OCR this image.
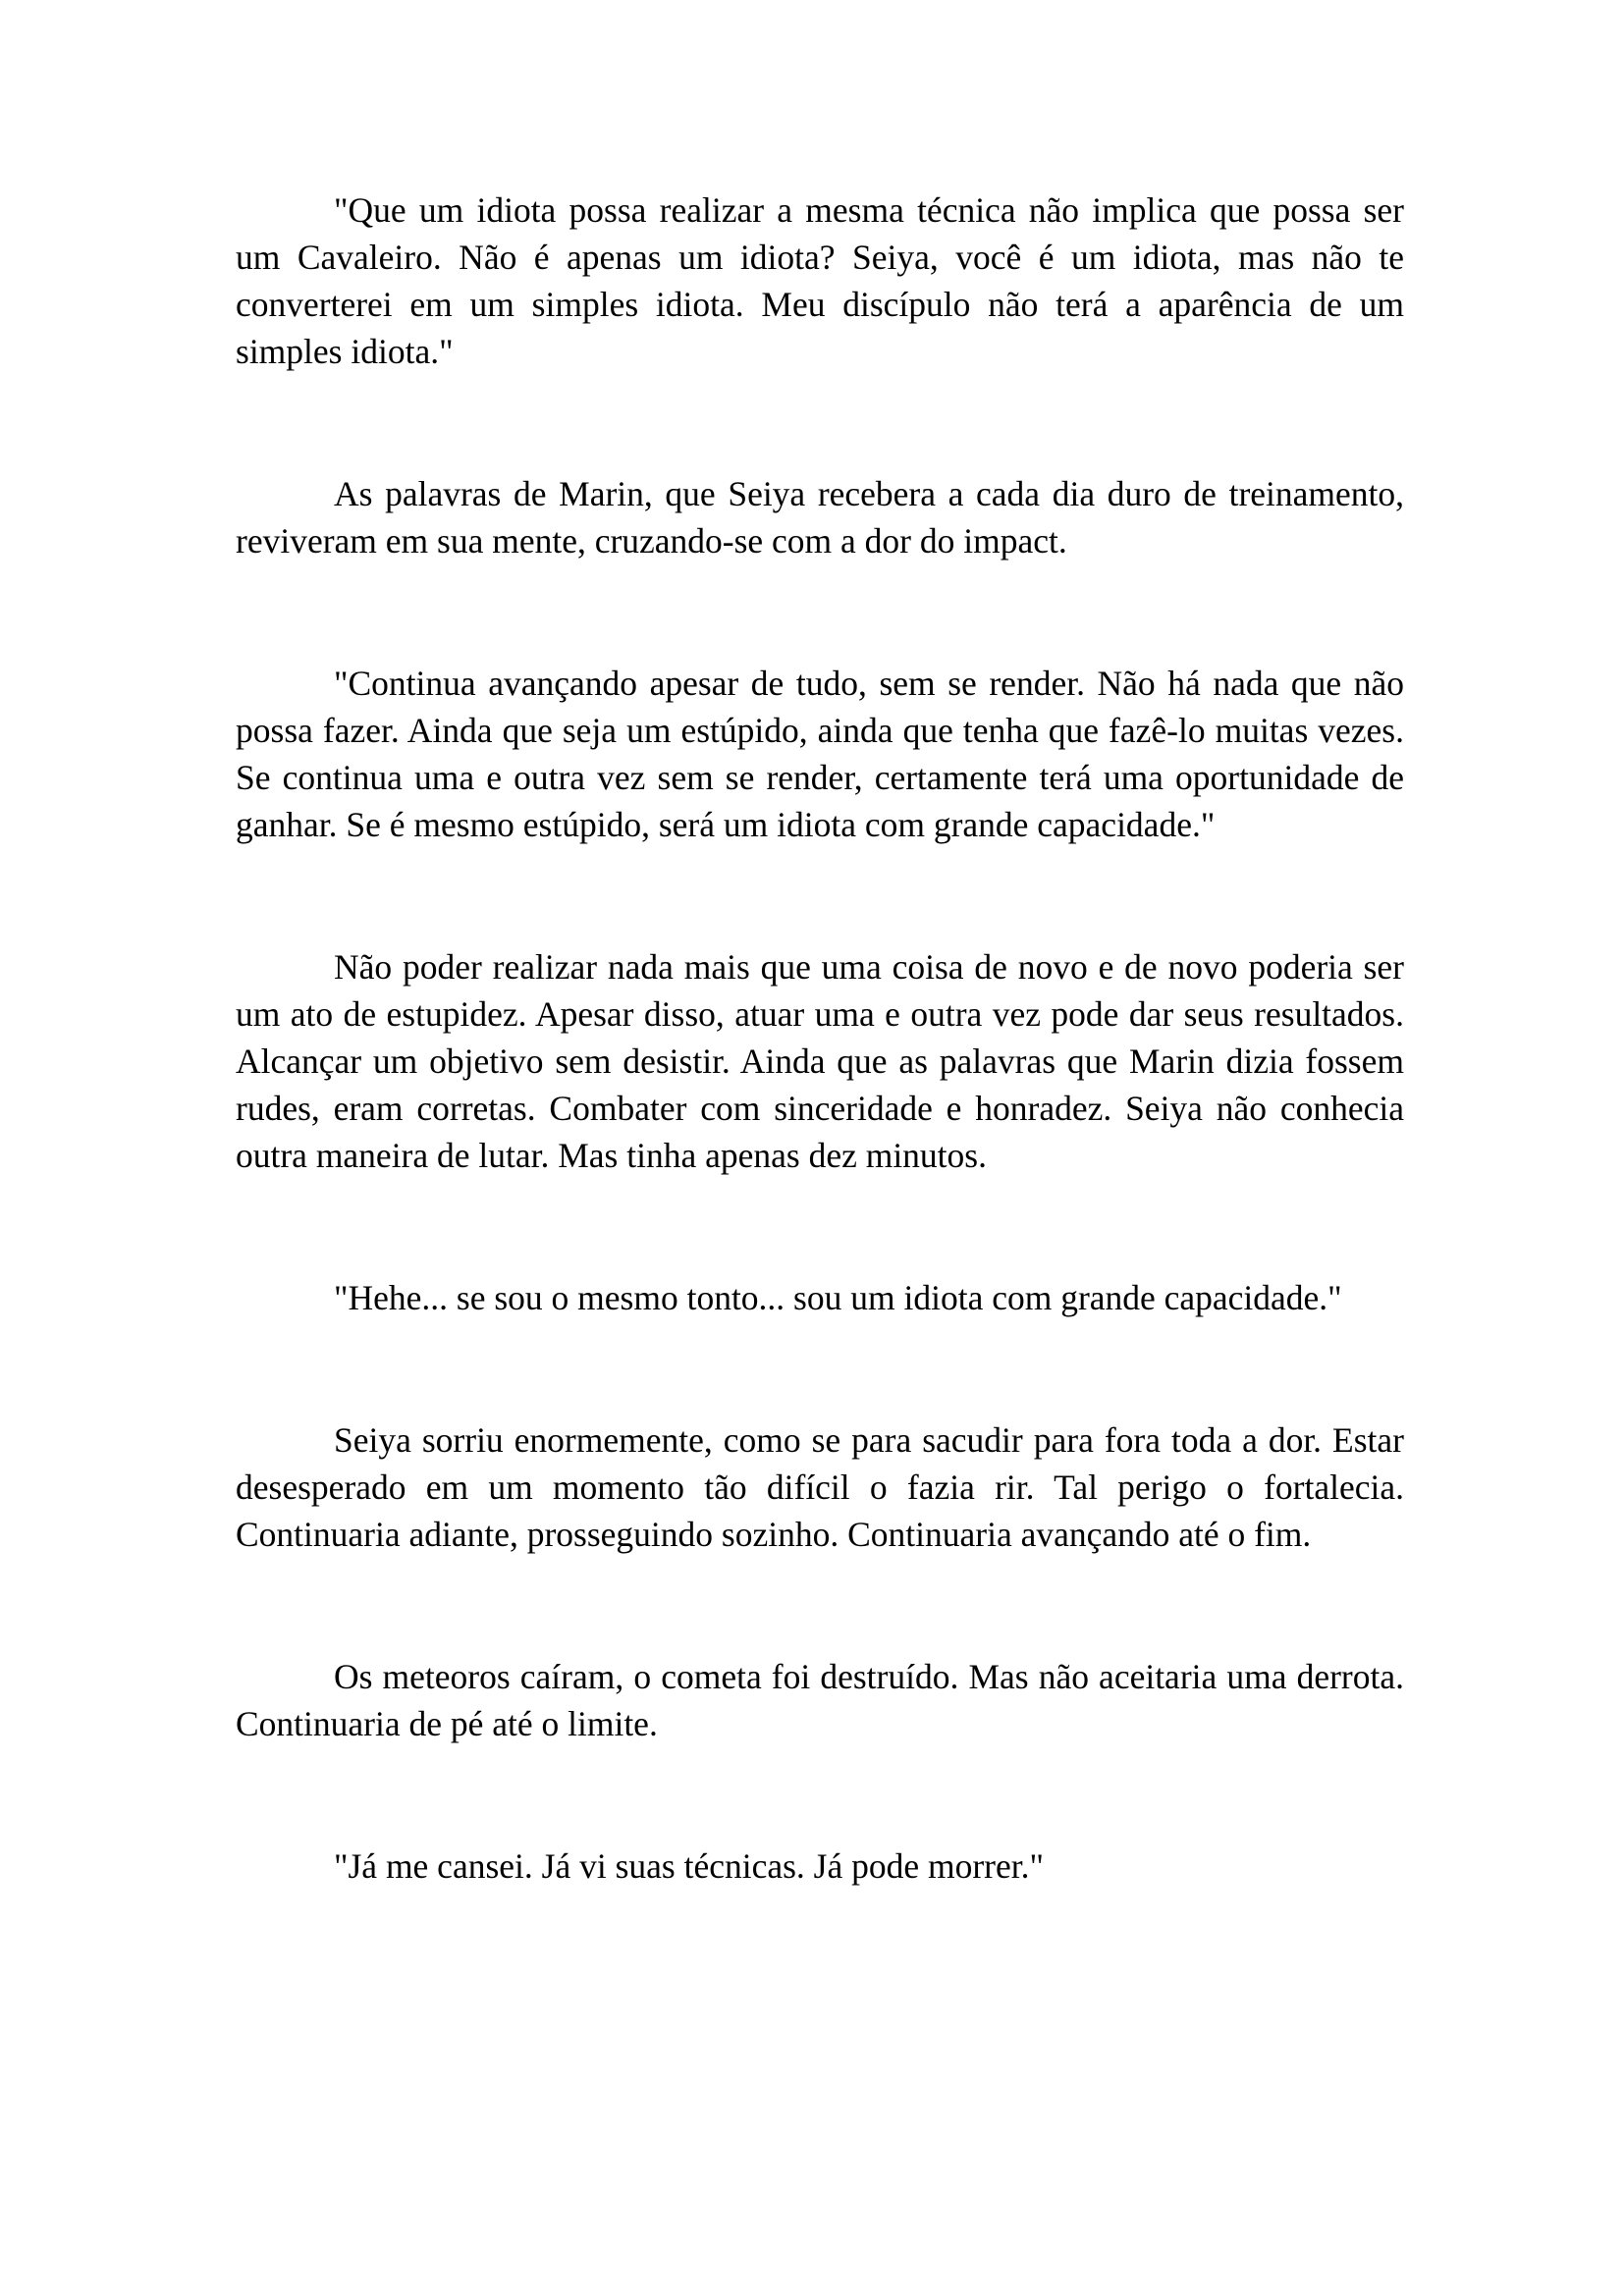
"Que um idiota possa realizar a mesma técnica não implica que possa ser um Cavaleiro. Não é apenas um idiota? Seiya, você é um idiota, mas não te converterei em um simples idiota. Meu discípulo não terá a aparência de um simples idiota."

As palavras de Marin, que Seiya recebera a cada dia duro de treinamento, reviveram em sua mente, cruzando-se com a dor do impact.

"Continua avançando apesar de tudo, sem se render. Não há nada que não possa fazer. Ainda que seja um estúpido, ainda que tenha que fazê-lo muitas vezes. Se continua uma e outra vez sem se render, certamente terá uma oportunidade de ganhar. Se é mesmo estúpido, será um idiota com grande capacidade."

Não poder realizar nada mais que uma coisa de novo e de novo poderia ser um ato de estupidez. Apesar disso, atuar uma e outra vez pode dar seus resultados. Alcançar um objetivo sem desistir. Ainda que as palavras que Marin dizia fossem rudes, eram corretas. Combater com sinceridade e honradez. Seiya não conhecia outra maneira de lutar. Mas tinha apenas dez minutos.

"Hehe... se sou o mesmo tonto... sou um idiota com grande capacidade."

Seiya sorriu enormemente, como se para sacudir para fora toda a dor. Estar desesperado em um momento tão difícil o fazia rir. Tal perigo o fortalecia. Continuaria adiante, prosseguindo sozinho. Continuaria avançando até o fim.

Os meteoros caíram, o cometa foi destruído. Mas não aceitaria uma derrota. Continuaria de pé até o limite.

"Já me cansei. Já vi suas técnicas. Já pode morrer."
